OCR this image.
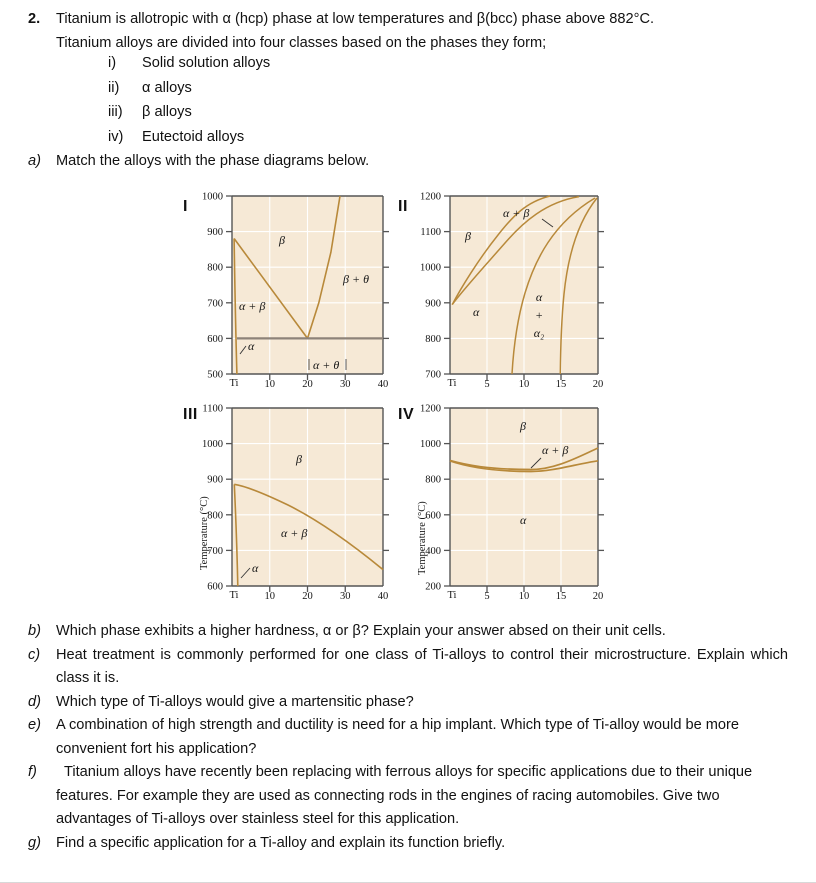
2.	Titanium is allotropic with α (hcp) phase at low temperatures and β(bcc) phase above 882°C.
Titanium alloys are divided into four classes based on the phases they form;
i)	Solid solution alloys
ii)	α alloys
iii)	β alloys
iv)	Eutectoid alloys
a)	Match the alloys with the phase diagrams below.
I
500
600
700
800
900
1000
Ti 10	20	30	40
β
β + θ
α + β
α
α + θ
II
700
800
900
1000
1100
1200
Ti	5	10	15	20
β
α + β
α
α
+
α₂
III
Temperature (°C)
600
700
800
900
1000
1100
Ti 10	20	30	40
β
α + β
α
IV
Temperature (°C)
200
400
600
800
1000
1200
Ti	5	10	15	20
β
α + β
α
b)	Which phase exhibits a higher hardness, α or β? Explain your answer absed on their unit cells.
c)	Heat treatment is commonly performed for one class of Ti-alloys to control their microstructure. Explain which class it is.
d)	Which type of Ti-alloys would give a martensitic phase?
e)	A combination of high strength and ductility is need for a hip implant. Which type of Ti-alloy would be more convenient fort his application?
f)	Titanium alloys have recently been replacing with ferrous alloys for specific applications due to their unique features. For example they are used as connecting rods in the engines of racing automobiles. Give two advantages of Ti-alloys over stainless steel for this application.
g)	Find a specific application for a Ti-alloy and explain its function briefly.
